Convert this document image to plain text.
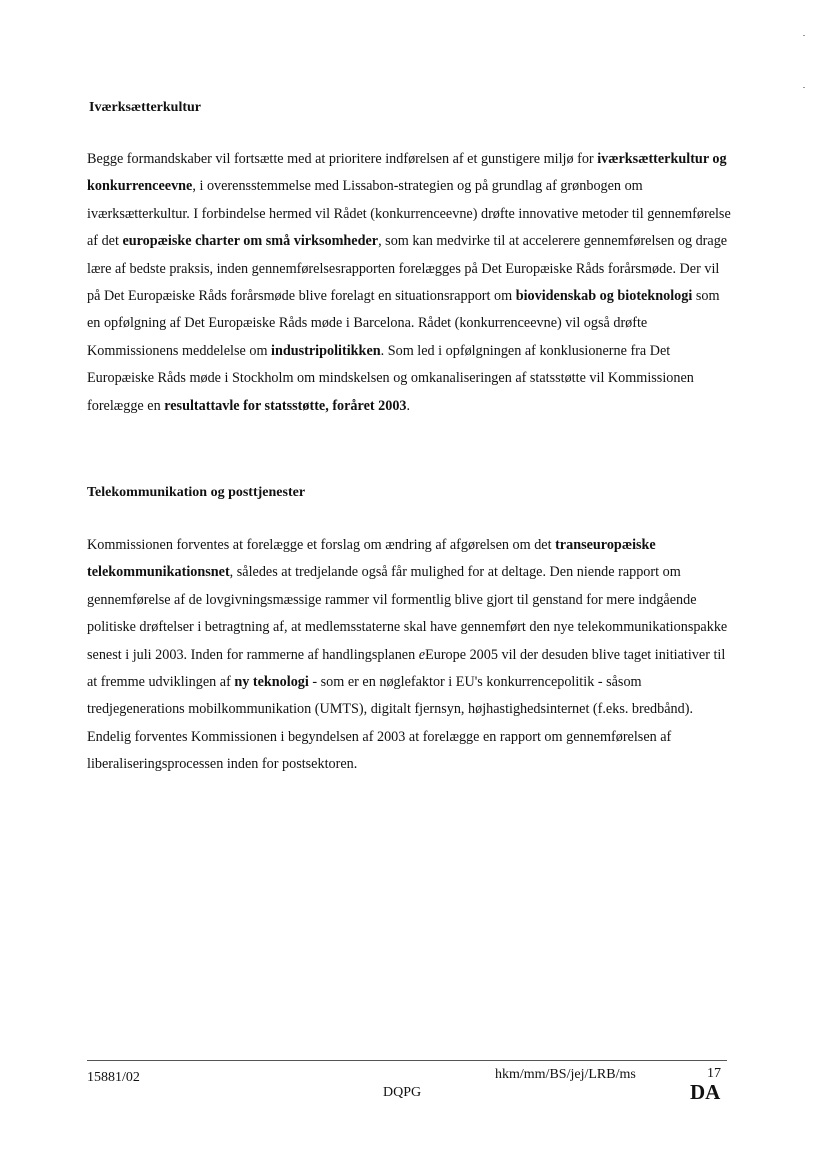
Iværksætterkultur

Begge formandskaber vil fortsætte med at prioritere indførelsen af et gunstigere miljø for iværksætterkultur og konkurrenceevne, i overensstemmelse med Lissabon-strategien og på grundlag af grønbogen om iværksætterkultur. I forbindelse hermed vil Rådet (konkurrenceevne) drøfte innovative metoder til gennemførelse af det europæiske charter om små virksomheder, som kan medvirke til at accelerere gennemførelsen og drage lære af bedste praksis, inden gennemførelsesrapporten forelægges på Det Europæiske Råds forårsmøde. Der vil på Det Europæiske Råds forårsmøde blive forelagt en situationsrapport om biovidenskab og bioteknologi som en opfølgning af Det Europæiske Råds møde i Barcelona. Rådet (konkurrenceevne) vil også drøfte Kommissionens meddelelse om industripolitikken. Som led i opfølgningen af konklusionerne fra Det Europæiske Råds møde i Stockholm om mindskelsen og omkanaliseringen af statsstøtte vil Kommissionen forelægge en resultattavle for statsstøtte, foråret 2003.

Telekommunikation og posttjenester

Kommissionen forventes at forelægge et forslag om ændring af afgørelsen om det transeuropæiske telekommunikationsnet, således at tredjelande også får mulighed for at deltage. Den niende rapport om gennemførelse af de lovgivningsmæssige rammer vil formentlig blive gjort til genstand for mere indgående politiske drøftelser i betragtning af, at medlemsstaterne skal have gennemført den nye telekommunikationspakke senest i juli 2003. Inden for rammerne af handlingsplanen eEurope 2005 vil der desuden blive taget initiativer til at fremme udviklingen af ny teknologi - som er en nøglefaktor i EU's konkurrencepolitik - såsom tredjegenerations mobilkommunikation (UMTS), digitalt fjernsyn, højhastighedsinternet (f.eks. bredbånd). Endelig forventes Kommissionen i begyndelsen af 2003 at forelægge en rapport om gennemførelsen af liberaliseringsprocessen inden for postsektoren.

15881/02	hkm/mm/BS/jej/LRB/ms	17
DQPG	DA
